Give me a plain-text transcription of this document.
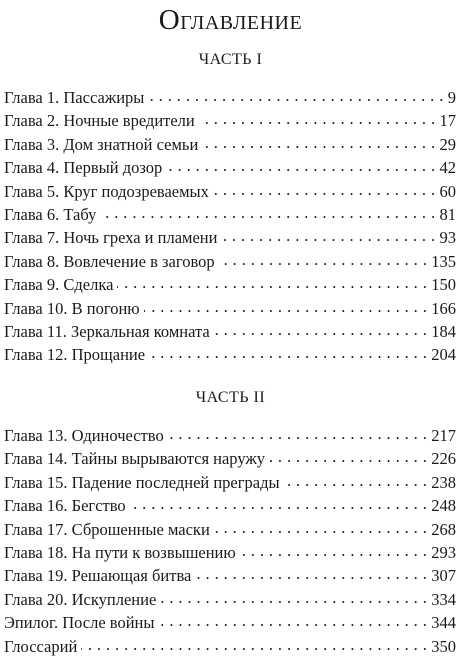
Оглавление
ЧАСТЬ I
Глава 1. Пассажиры . . .	9
Глава 2. Ночные вредители . . .	17
Глава 3. Дом знатной семьи . . .	29
Глава 4. Первый дозор . . .	42
Глава 5. Круг подозреваемых . . .	60
Глава 6. Табу . . .	81
Глава 7. Ночь греха и пламени . . .	93
Глава 8. Вовлечение в заговор . . .	135
Глава 9. Сделка . . .	150
Глава 10. В погоню . . .	166
Глава 11. Зеркальная комната . . .	184
Глава 12. Прощание . . .	204
ЧАСТЬ II
Глава 13. Одиночество . . .	217
Глава 14. Тайны вырываются наружу . . .	226
Глава 15. Падение последней преграды . . .	238
Глава 16. Бегство . . .	248
Глава 17. Сброшенные маски . . .	268
Глава 18. На пути к возвышению . . .	293
Глава 19. Решающая битва . . .	307
Глава 20. Искупление . . .	334
Эпилог. После войны . . .	344
Глоссарий . . .	350
